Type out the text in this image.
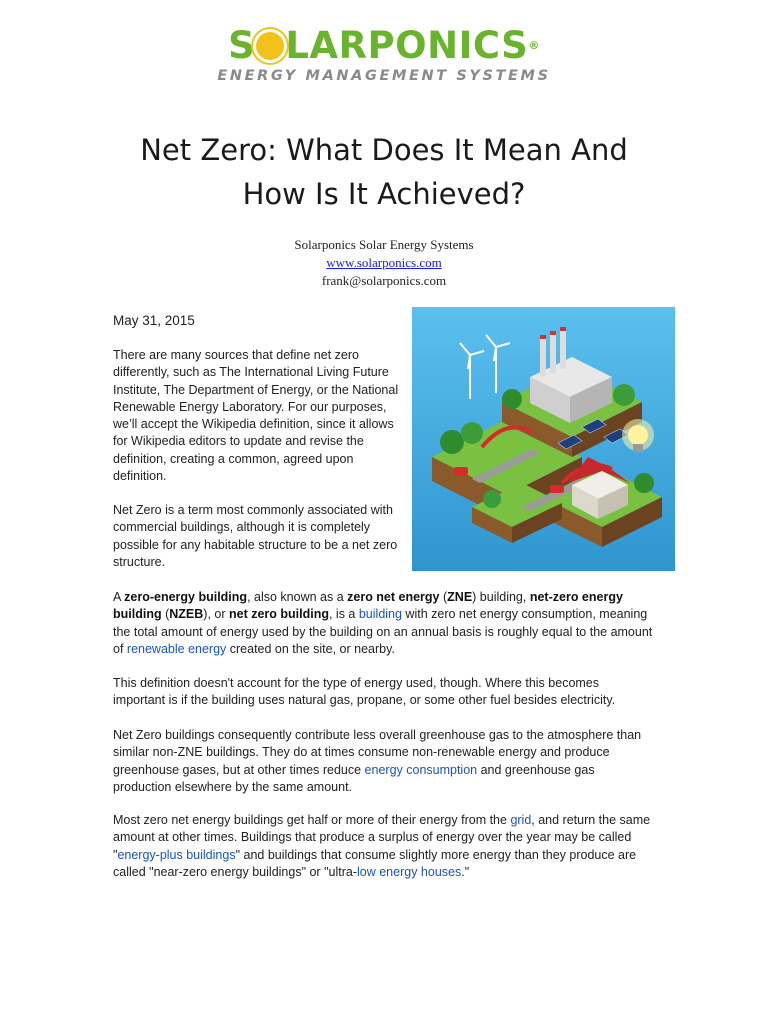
S LARPONICS®
ENERGY MANAGEMENT SYSTEMS
Net Zero: What Does It Mean And
How Is It Achieved?
Solarponics Solar Energy Systems
www.solarponics.com
frank@solarponics.com
May 31, 2015

There are many sources that define net zero differently, such as The International Living Future Institute, The Department of Energy, or the National Renewable Energy Laboratory. For our purposes, we’ll accept the Wikipedia definition, since it allows for Wikipedia editors to update and revise the definition, creating a common, agreed upon definition.

Net Zero is a term most commonly associated with commercial buildings, although it is completely possible for any habitable structure to be a net zero structure.

A zero-energy building, also known as a zero net energy (ZNE) building, net-zero energy building (NZEB), or net zero building, is a building with zero net energy consumption, meaning the total amount of energy used by the building on an annual basis is roughly equal to the amount of renewable energy created on the site, or nearby.

This definition doesn't account for the type of energy used, though. Where this becomes important is if the building uses natural gas, propane, or some other fuel besides electricity.

Net Zero buildings consequently contribute less overall greenhouse gas to the atmosphere than similar non-ZNE buildings. They do at times consume non-renewable energy and produce greenhouse gases, but at other times reduce energy consumption and greenhouse gas production elsewhere by the same amount.

Most zero net energy buildings get half or more of their energy from the grid, and return the same amount at other times. Buildings that produce a surplus of energy over the year may be called "energy-plus buildings" and buildings that consume slightly more energy than they produce are called "near-zero energy buildings" or "ultra-low energy houses."
